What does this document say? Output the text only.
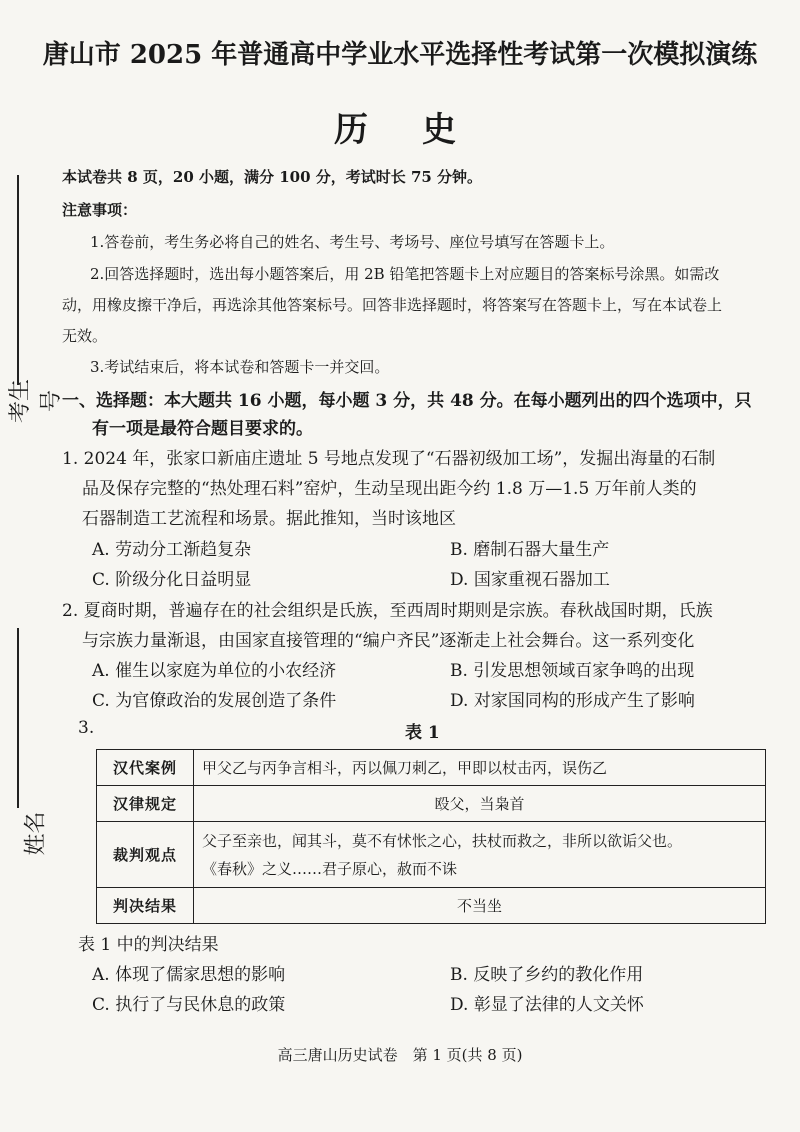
考生号
姓名
唐山市 2025 年普通高中学业水平选择性考试第一次模拟演练
历　史
本试卷共 8 页，20 小题，满分 100 分，考试时长 75 分钟。
注意事项：
1.答卷前，考生务必将自己的姓名、考生号、考场号、座位号填写在答题卡上。
2.回答选择题时，选出每小题答案后，用 2B 铅笔把答题卡上对应题目的答案标号涂黑。如需改
动，用橡皮擦干净后，再选涂其他答案标号。回答非选择题时，将答案写在答题卡上，写在本试卷上
无效。
3.考试结束后，将本试卷和答题卡一并交回。
一、选择题：本大题共 16 小题，每小题 3 分，共 48 分。在每小题列出的四个选项中，只
有一项是最符合题目要求的。
1. 2024 年，张家口新庙庄遗址 5 号地点发现了“石器初级加工场”，发掘出海量的石制
品及保存完整的“热处理石料”窑炉，生动呈现出距今约 1.8 万—1.5 万年前人类的
石器制造工艺流程和场景。据此推知，当时该地区
A. 劳动分工渐趋复杂	B. 磨制石器大量生产
C. 阶级分化日益明显	D. 国家重视石器加工
2. 夏商时期，普遍存在的社会组织是氏族，至西周时期则是宗族。春秋战国时期，氏族
与宗族力量渐退，由国家直接管理的“编户齐民”逐渐走上社会舞台。这一系列变化
A. 催生以家庭为单位的小农经济	B. 引发思想领域百家争鸣的出现
C. 为官僚政治的发展创造了条件	D. 对家国同构的形成产生了影响
3.	表 1
汉代案例	甲父乙与丙争言相斗，丙以佩刀刺乙，甲即以杖击丙，误伤乙
汉律规定	殴父，当枭首
裁判观点	父子至亲也，闻其斗，莫不有怵怅之心，扶杖而救之，非所以欲诟父也。
《春秋》之义……君子原心，赦而不诛

判决结果	不当坐
表 1 中的判决结果
A. 体现了儒家思想的影响	B. 反映了乡约的教化作用
C. 执行了与民休息的政策	D. 彰显了法律的人文关怀
高三唐山历史试卷　第 1 页(共 8 页)
